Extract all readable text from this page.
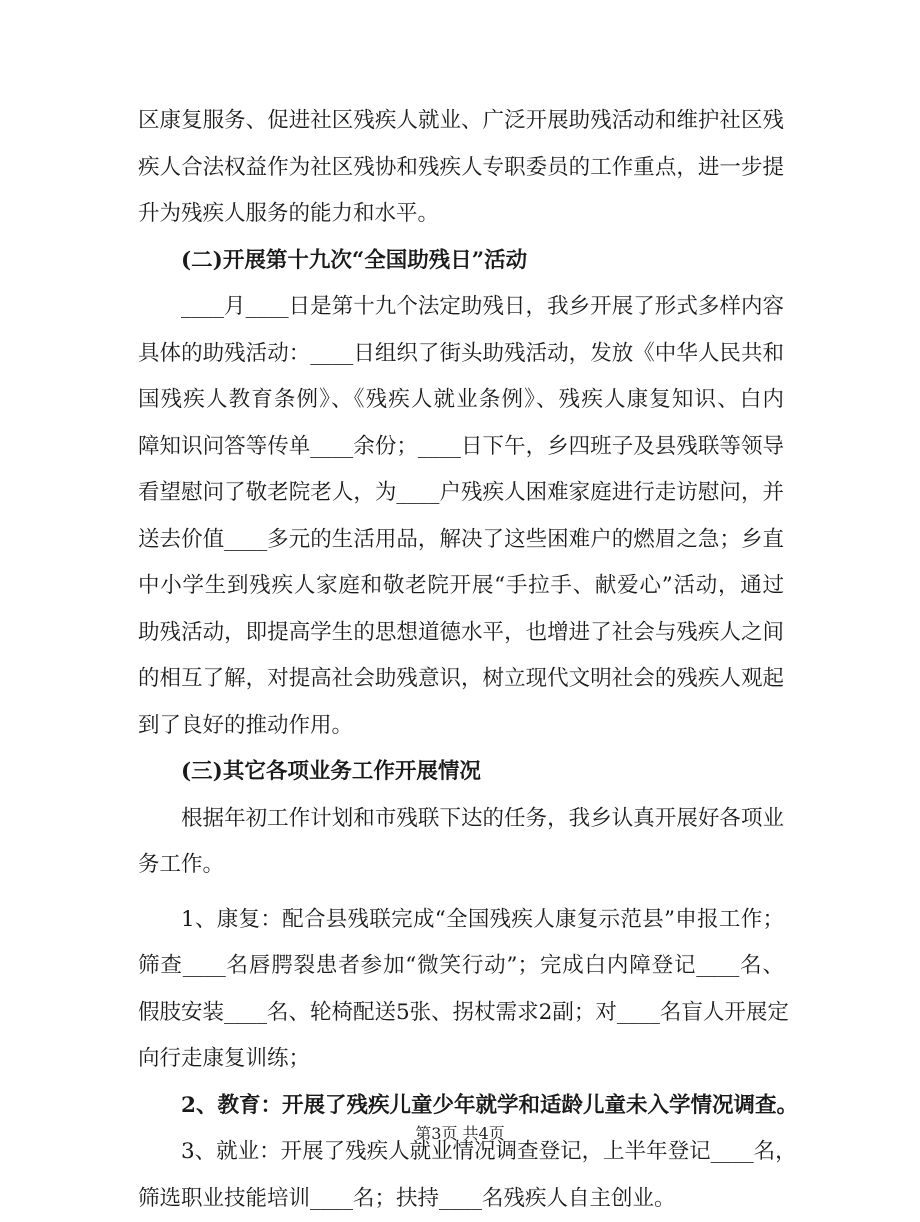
区康复服务、促进社区残疾人就业、广泛开展助残活动和维护社区残
疾人合法权益作为社区残协和残疾人专职委员的工作重点，进一步提
升为残疾人服务的能力和水平。
(二)开展第十九次“全国助残日”活动
____月____日是第十九个法定助残日，我乡开展了形式多样内容
具体的助残活动：____日组织了街头助残活动，发放《中华人民共和
国残疾人教育条例》、《残疾人就业条例》、残疾人康复知识、白内
障知识问答等传单____余份；____日下午，乡四班子及县残联等领导
看望慰问了敬老院老人，为____户残疾人困难家庭进行走访慰问，并
送去价值____多元的生活用品，解决了这些困难户的燃眉之急；乡直
中小学生到残疾人家庭和敬老院开展“手拉手、献爱心”活动，通过
助残活动，即提高学生的思想道德水平，也增进了社会与残疾人之间
的相互了解，对提高社会助残意识，树立现代文明社会的残疾人观起
到了良好的推动作用。
(三)其它各项业务工作开展情况
根据年初工作计划和市残联下达的任务，我乡认真开展好各项业
务工作。
1、康复：配合县残联完成“全国残疾人康复示范县”申报工作；
筛查____名唇腭裂患者参加“微笑行动”；完成白内障登记____名、
假肢安装____名、轮椅配送5张、拐杖需求2副；对____名盲人开展定
向行走康复训练；
2、教育：开展了残疾儿童少年就学和适龄儿童未入学情况调查。
3、就业：开展了残疾人就业情况调查登记，上半年登记____名，
筛选职业技能培训____名；扶持____名残疾人自主创业。
第3页 共4页
